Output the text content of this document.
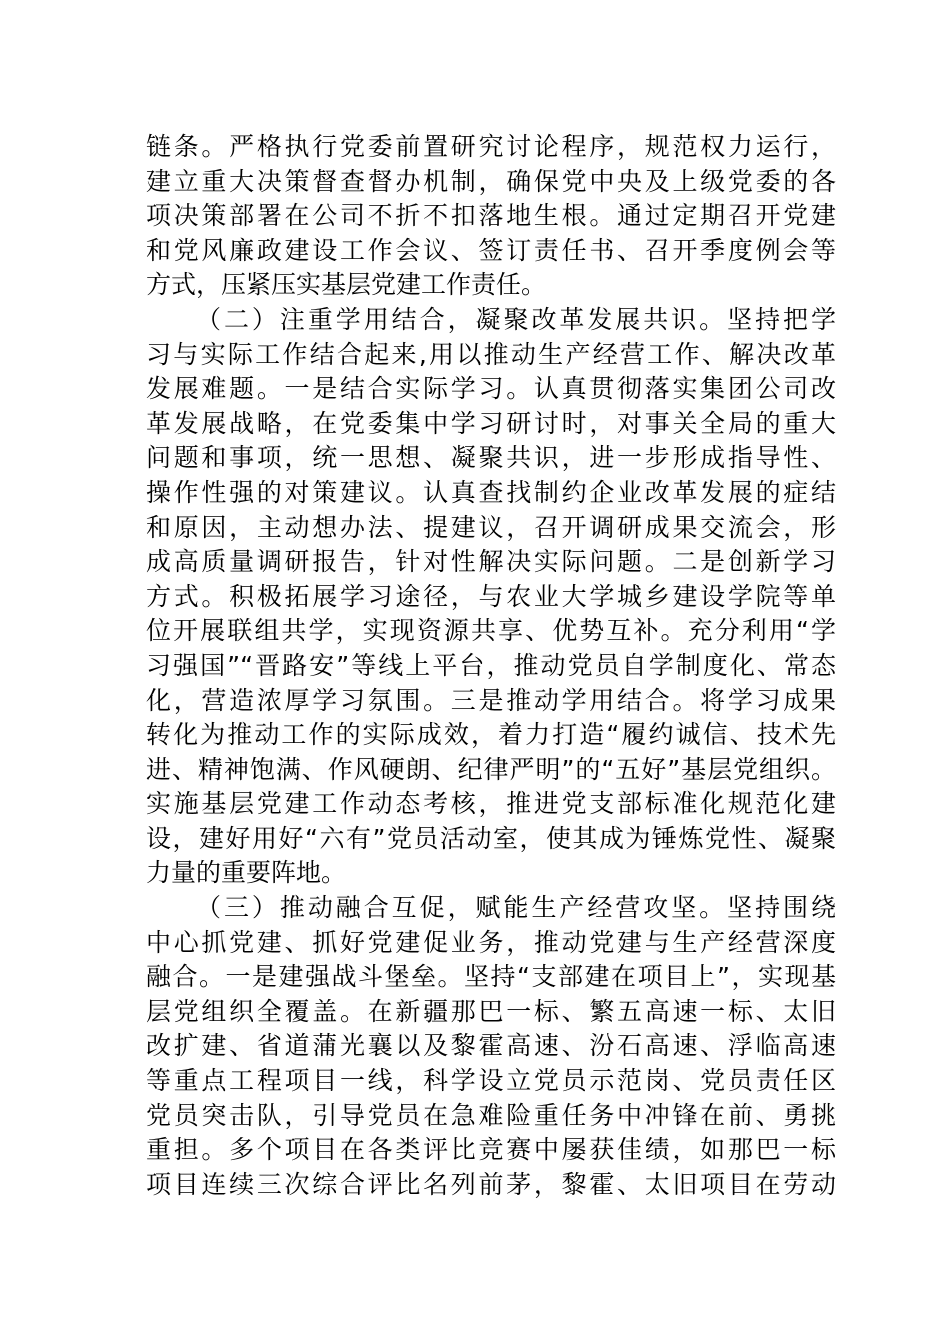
链条。严格执行党委前置研究讨论程序，规范权力运行，
建立重大决策督查督办机制，确保党中央及上级党委的各
项决策部署在公司不折不扣落地生根。通过定期召开党建
和党风廉政建设工作会议、签订责任书、召开季度例会等
方式，压紧压实基层党建工作责任。
（二）注重学用结合，凝聚改革发展共识。坚持把学
习与实际工作结合起来,用以推动生产经营工作、解决改革
发展难题。一是结合实际学习。认真贯彻落实集团公司改
革发展战略，在党委集中学习研讨时，对事关全局的重大
问题和事项，统一思想、凝聚共识，进一步形成指导性、
操作性强的对策建议。认真查找制约企业改革发展的症结
和原因，主动想办法、提建议，召开调研成果交流会，形
成高质量调研报告，针对性解决实际问题。二是创新学习
方式。积极拓展学习途径，与农业大学城乡建设学院等单
位开展联组共学，实现资源共享、优势互补。充分利用“学
习强国”“晋路安”等线上平台，推动党员自学制度化、常态
化，营造浓厚学习氛围。三是推动学用结合。将学习成果
转化为推动工作的实际成效，着力打造“履约诚信、技术先
进、精神饱满、作风硬朗、纪律严明”的“五好”基层党组织。
实施基层党建工作动态考核，推进党支部标准化规范化建
设，建好用好“六有”党员活动室，使其成为锤炼党性、凝聚
力量的重要阵地。
（三）推动融合互促，赋能生产经营攻坚。坚持围绕
中心抓党建、抓好党建促业务，推动党建与生产经营深度
融合。一是建强战斗堡垒。坚持“支部建在项目上”，实现基
层党组织全覆盖。在新疆那巴一标、繁五高速一标、太旧
改扩建、省道蒲光襄以及黎霍高速、汾石高速、浮临高速
等重点工程项目一线，科学设立党员示范岗、党员责任区
党员突击队，引导党员在急难险重任务中冲锋在前、勇挑
重担。多个项目在各类评比竞赛中屡获佳绩，如那巴一标
项目连续三次综合评比名列前茅，黎霍、太旧项目在劳动
